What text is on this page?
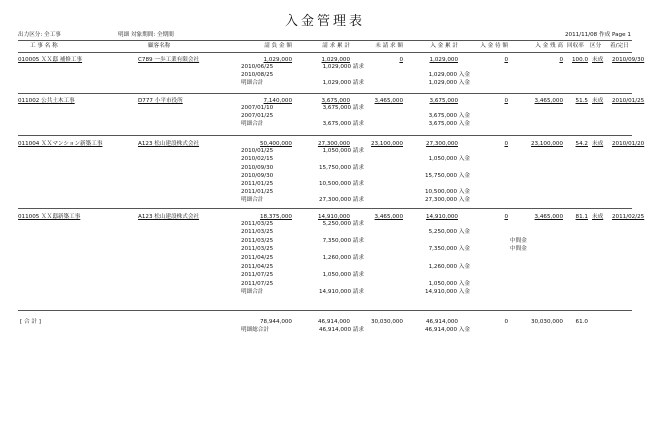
入金管理表
出力区分: 全工事	明細 対象期間: 全期間	2011/11/08 作成 Page 1
工 事 名 称	顧客名称	請 負 金 額	請 求 累 計	未 請 求 額	入 金 累 計	入 金 待 額	入 金 残 高 回収率 区分 着/完日
010005 ＸＸ邸 補修工事	C789 一歩工業有限会社	1,029,000	1,029,000	0	1,029,000	0	0	100.0 未成 2010/09/30
2010/06/25	1,029,000 請求
2010/08/25	1,029,000 入金
明細合計	1,029,000 請求	1,029,000 入金
011002 公共土木工事	D777 小平市役所	7,140,000	3,675,000	3,465,000	3,675,000	0	3,465,000	51.5 未成 2010/01/25
2007/01/10	3,675,000 請求
2007/01/25	3,675,000 入金
明細合計	3,675,000 請求	3,675,000 入金
011004 ＸＸマンション新築工事	A123 松山建設株式会社	50,400,000	27,300,000	23,100,000	27,300,000	0	23,100,000	54.2 未成 2010/01/20
2010/01/25	1,050,000 請求
2010/02/15	1,050,000 入金
2010/09/30	15,750,000 請求
2010/09/30	15,750,000 入金
2011/01/25	10,500,000 請求
2011/01/25	10,500,000 入金
明細合計	27,300,000 請求	27,300,000 入金
011005 ＸＸ邸新築工事	A123 松山建設株式会社	18,375,000	14,910,000	3,465,000	14,910,000	0	3,465,000	81.1 未成 2011/02/25
2011/03/25	5,250,000 請求
2011/03/25	5,250,000 入金
2011/03/25	7,350,000 請求	中間金
2011/03/25	7,350,000 入金	中間金
2011/04/25	1,260,000 請求
2011/04/25	1,260,000 入金
2011/07/25	1,050,000 請求
2011/07/25	1,050,000 入金
明細合計	14,910,000 請求	14,910,000 入金
[ 合 計 ]	78,944,000	46,914,000	30,030,000	46,914,000	0	30,030,000	61.0
明細総合計	46,914,000 請求	46,914,000 入金
